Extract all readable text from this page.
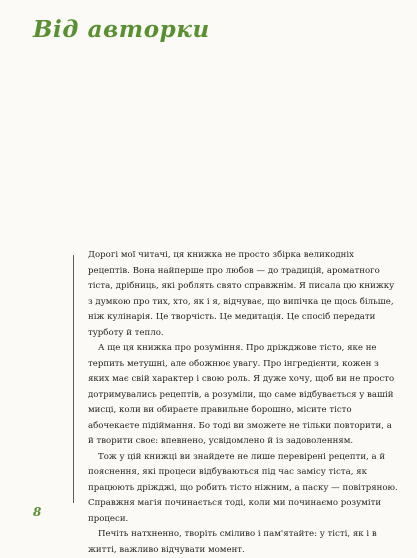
Від авторки

Дорогі мої читачі, ця книжка не просто збірка великодніх рецептів. Вона найперше про любов — до традицій, ароматного тіста, дрібниць, які роблять свято справжнім. Я писала цю книжку з думкою про тих, хто, як і я, відчуває, що випічка це щось більше, ніж кулінарія. Це творчість. Це медитація. Це спосіб передати турботу й тепло.

А ще ця книжка про розуміння. Про дріжджове тісто, яке не терпить метушні, але обожнює увагу. Про інгредієнти, кожен з яких має свій характер і свою роль. Я дуже хочу, щоб ви не просто дотримувались рецептів, а розуміли, що саме відбувається у вашій мисці, коли ви обираєте правильне борошно, місите тісто абочекаєте підіймання. Бо тоді ви зможете не тільки повторити, а й творити своє: впевнено, усвідомлено й із задоволенням.

Тож у цій книжці ви знайдете не лише перевірені рецепти, а й пояснення, які процеси відбуваються під час замісу тіста, як працюють дріжджі, що робить тісто ніжним, а паску — повітряною. Справжня магія починається тоді, коли ми починаємо розуміти процеси.

Печіть натхненно, творіть сміливо і пам'ятайте: у тісті, як і в житті, важливо відчувати момент.

8
